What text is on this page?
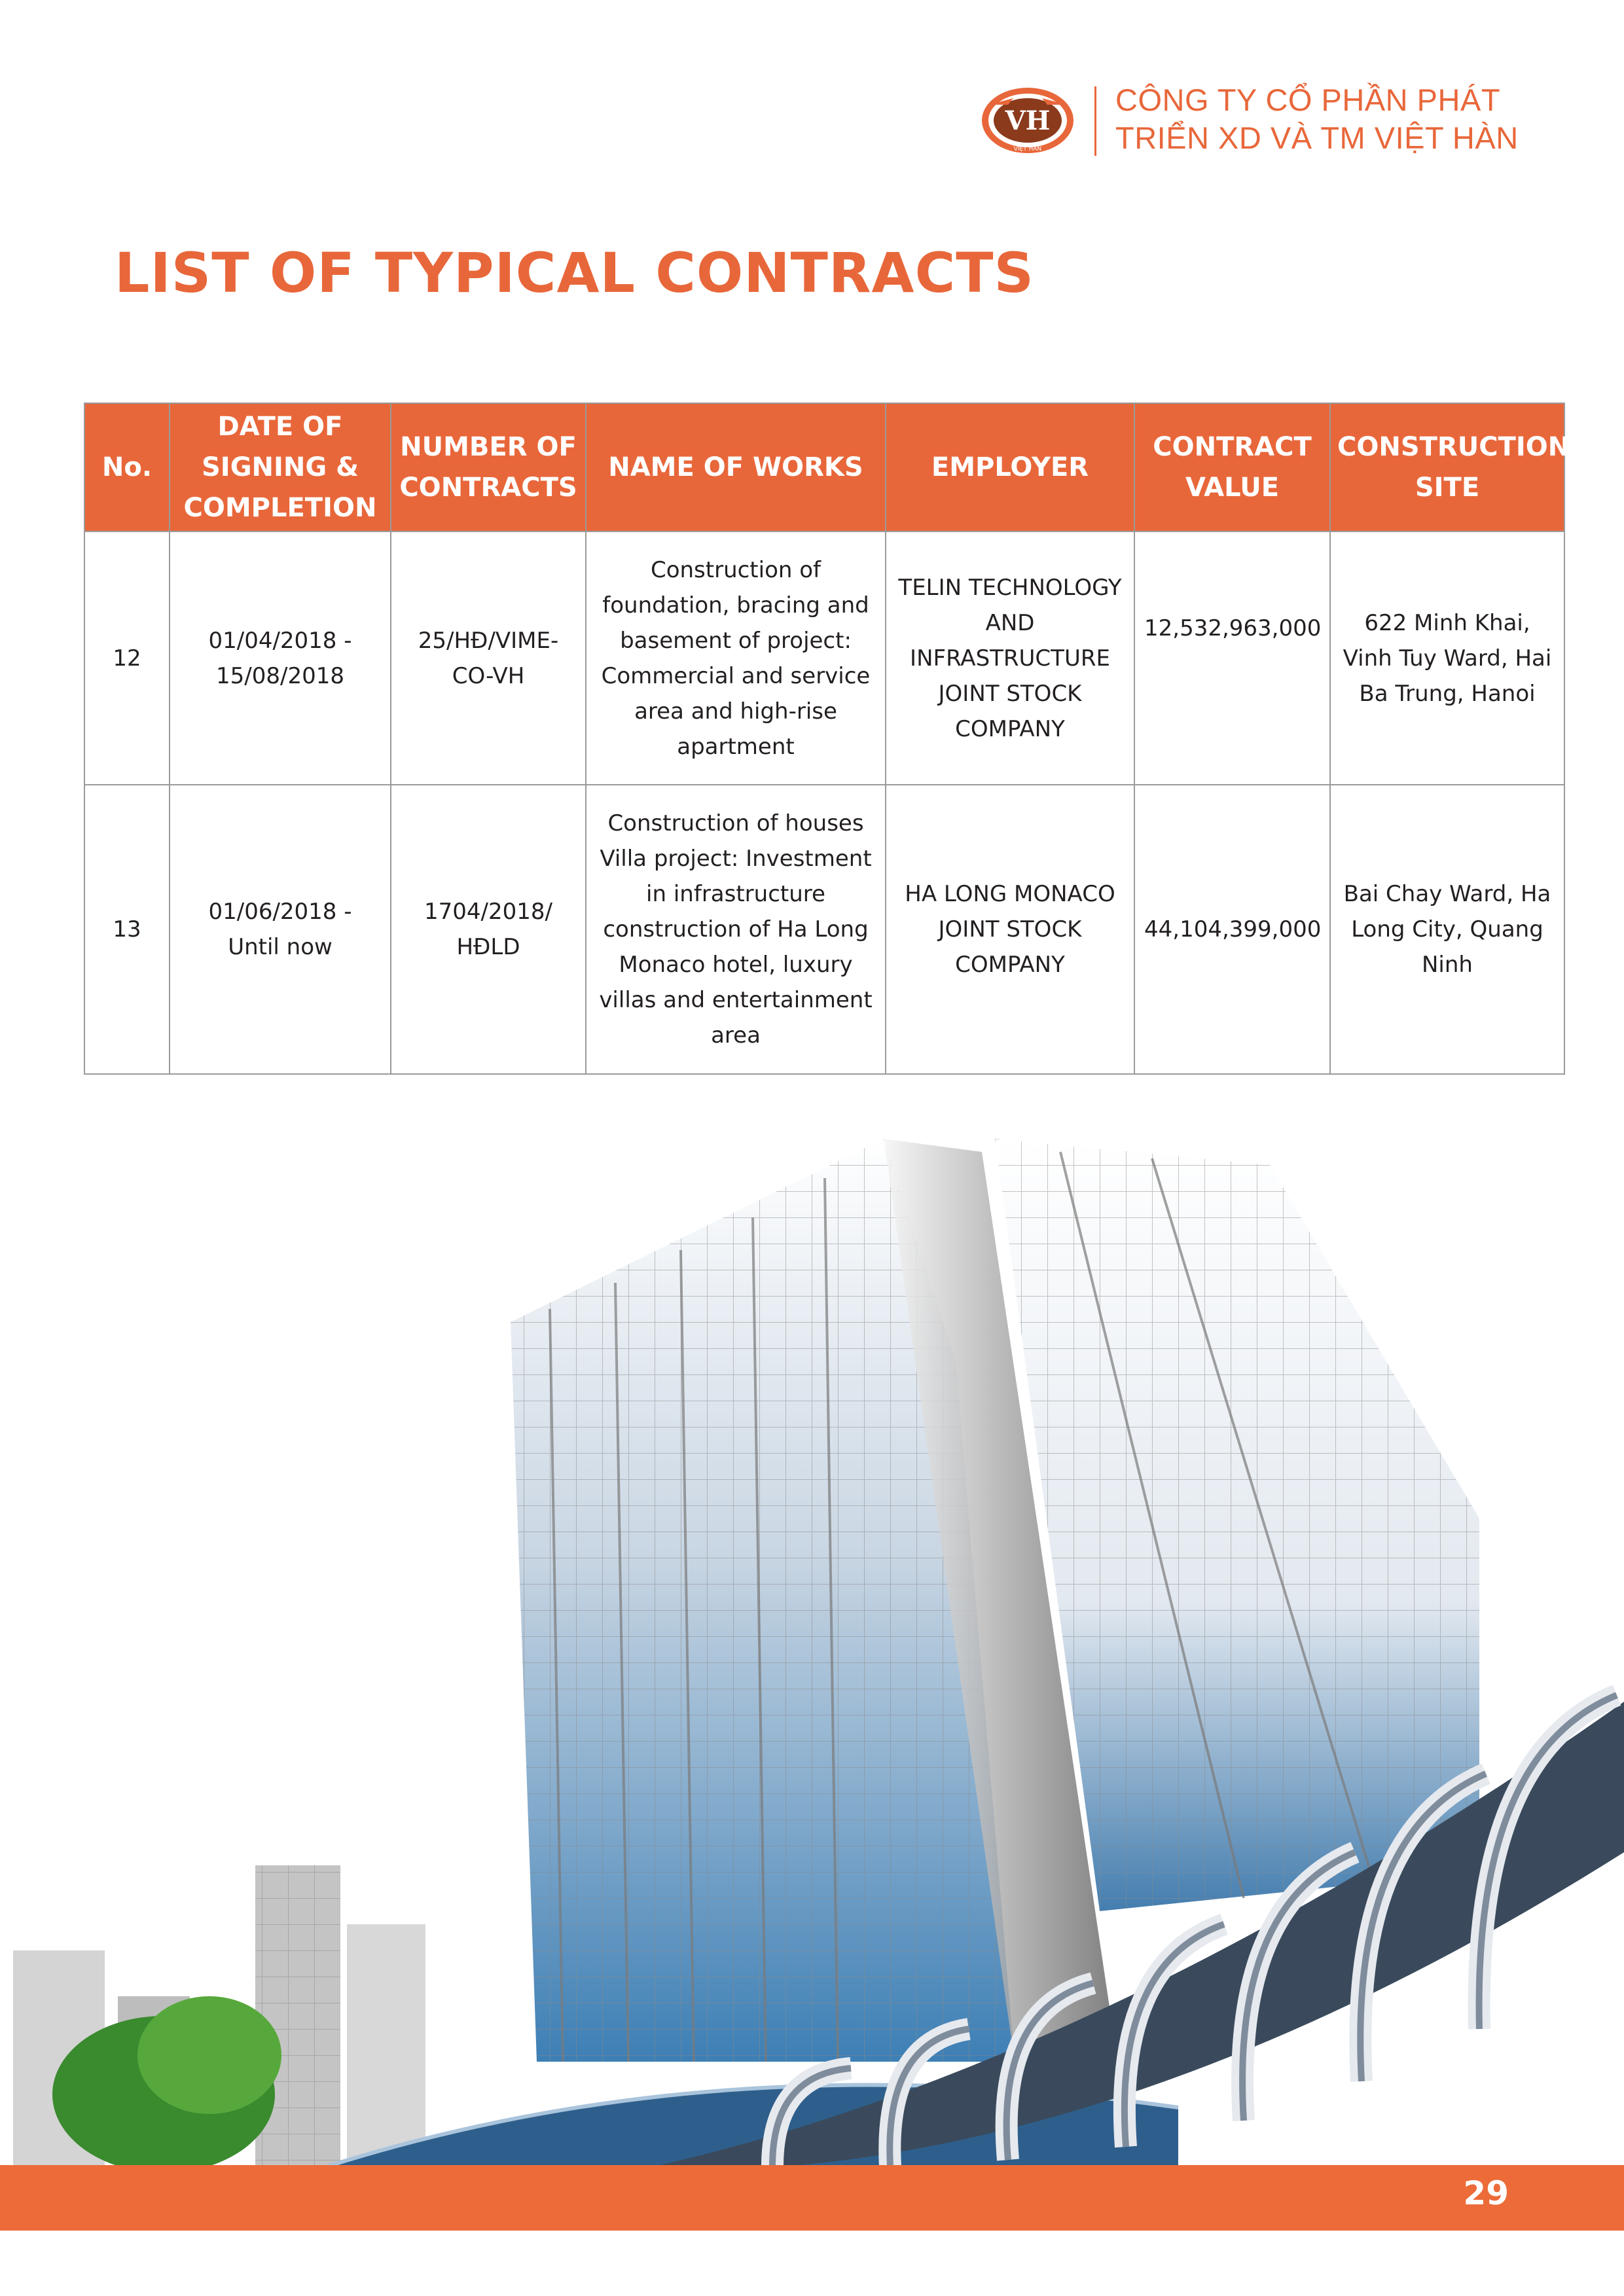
VH
VIỆT HÀN
CÔNG TY CỔ PHẦN PHÁT
TRIỂN XD VÀ TM VIỆT HÀN
LIST OF TYPICAL CONTRACTS
No.	DATE OF SIGNING & COMPLETION	NUMBER OF CONTRACTS	NAME OF WORKS	EMPLOYER	CONTRACT VALUE	CONSTRUCTION SITE
12	01/04/2018 - 15/08/2018	25/HĐ/VIME-CO-VH	Construction of foundation, bracing and basement of project: Commercial and service area and high-rise apartment	TELIN TECHNOLOGY AND INFRASTRUCTURE JOINT STOCK COMPANY	12,532,963,000	622 Minh Khai, Vinh Tuy Ward, Hai Ba Trung, Hanoi
13	01/06/2018 - Until now	1704/2018/ HĐLD	Construction of houses Villa project: Investment in infrastructure construction of Ha Long Monaco hotel, luxury villas and entertainment area	HA LONG MONACO JOINT STOCK COMPANY	44,104,399,000	Bai Chay Ward, Ha Long City, Quang Ninh
29
